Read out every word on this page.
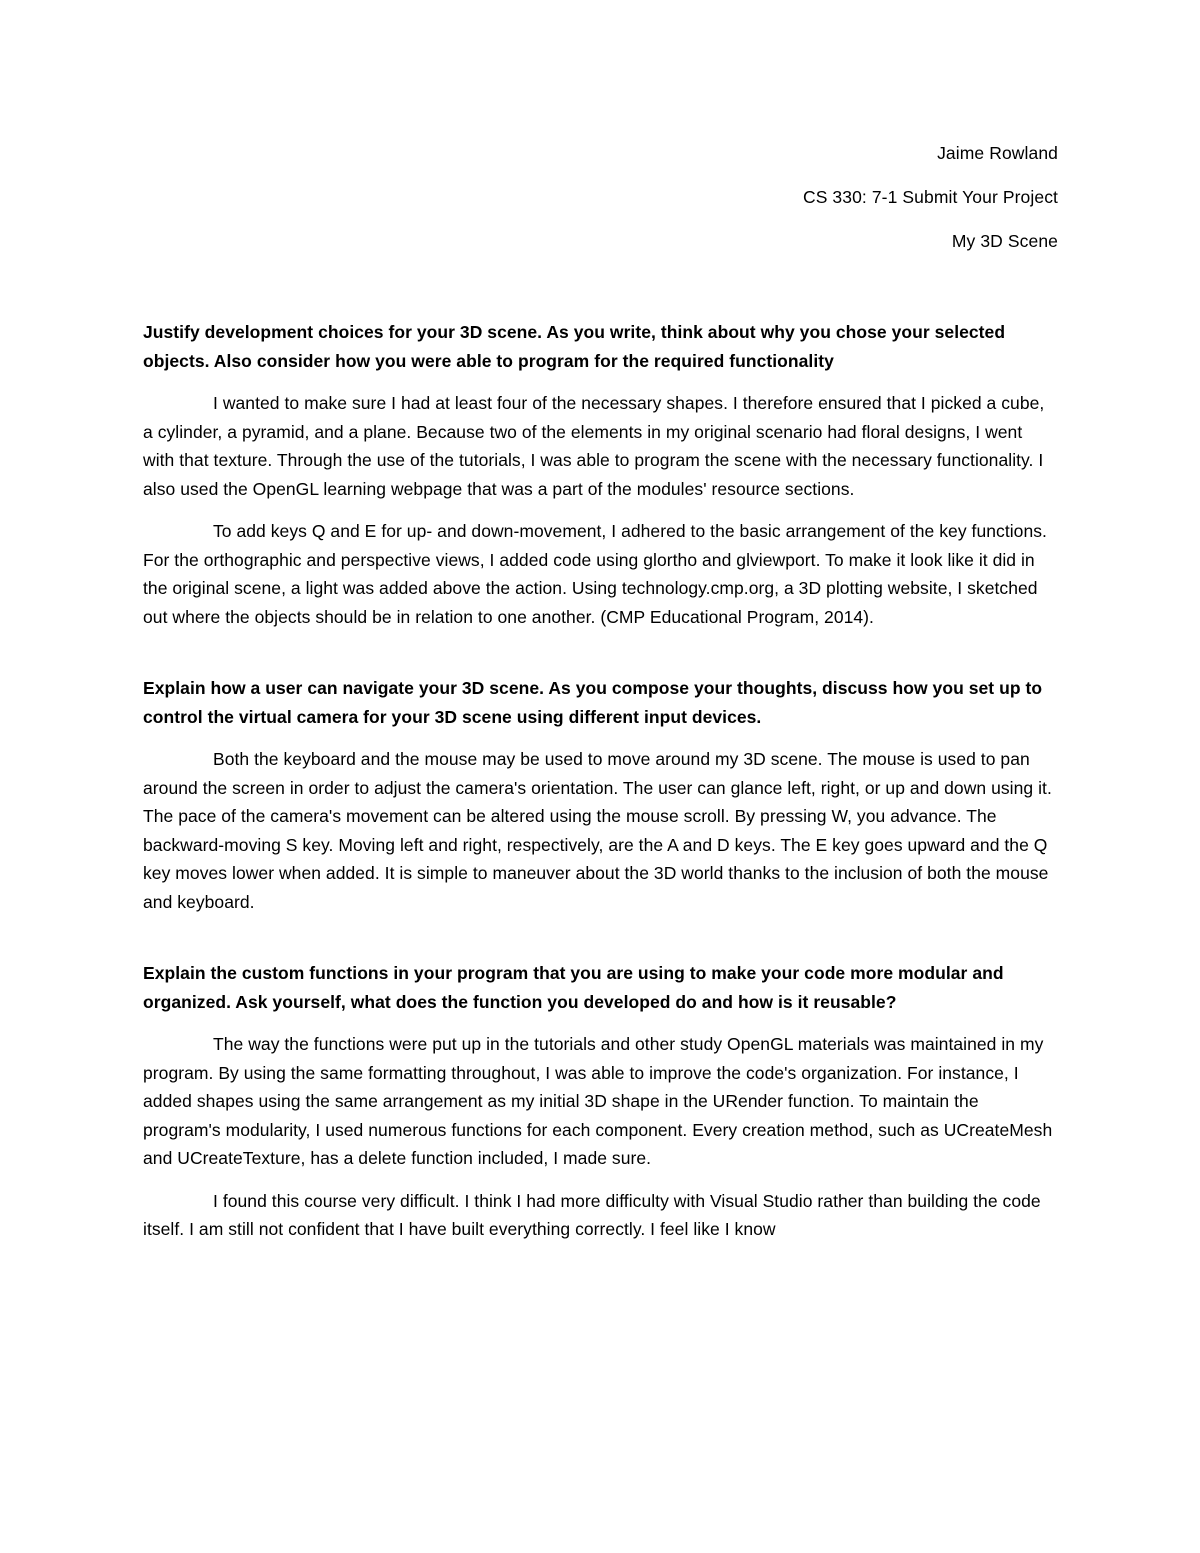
Jaime Rowland

CS 330: 7-1 Submit Your Project

My 3D Scene

Justify development choices for your 3D scene. As you write, think about why you chose your selected objects. Also consider how you were able to program for the required functionality

I wanted to make sure I had at least four of the necessary shapes. I therefore ensured that I picked a cube, a cylinder, a pyramid, and a plane. Because two of the elements in my original scenario had floral designs, I went with that texture. Through the use of the tutorials, I was able to program the scene with the necessary functionality. I also used the OpenGL learning webpage that was a part of the modules' resource sections.

To add keys Q and E for up- and down-movement, I adhered to the basic arrangement of the key functions. For the orthographic and perspective views, I added code using glortho and glviewport. To make it look like it did in the original scene, a light was added above the action. Using technology.cmp.org, a 3D plotting website, I sketched out where the objects should be in relation to one another. (CMP Educational Program, 2014).

Explain how a user can navigate your 3D scene. As you compose your thoughts, discuss how you set up to control the virtual camera for your 3D scene using different input devices.

Both the keyboard and the mouse may be used to move around my 3D scene. The mouse is used to pan around the screen in order to adjust the camera's orientation. The user can glance left, right, or up and down using it. The pace of the camera's movement can be altered using the mouse scroll. By pressing W, you advance. The backward-moving S key. Moving left and right, respectively, are the A and D keys. The E key goes upward and the Q key moves lower when added. It is simple to maneuver about the 3D world thanks to the inclusion of both the mouse and keyboard.

Explain the custom functions in your program that you are using to make your code more modular and organized. Ask yourself, what does the function you developed do and how is it reusable?

The way the functions were put up in the tutorials and other study OpenGL materials was maintained in my program. By using the same formatting throughout, I was able to improve the code's organization. For instance, I added shapes using the same arrangement as my initial 3D shape in the URender function. To maintain the program's modularity, I used numerous functions for each component. Every creation method, such as UCreateMesh and UCreateTexture, has a delete function included, I made sure.

I found this course very difficult. I think I had more difficulty with Visual Studio rather than building the code itself. I am still not confident that I have built everything correctly. I feel like I know
